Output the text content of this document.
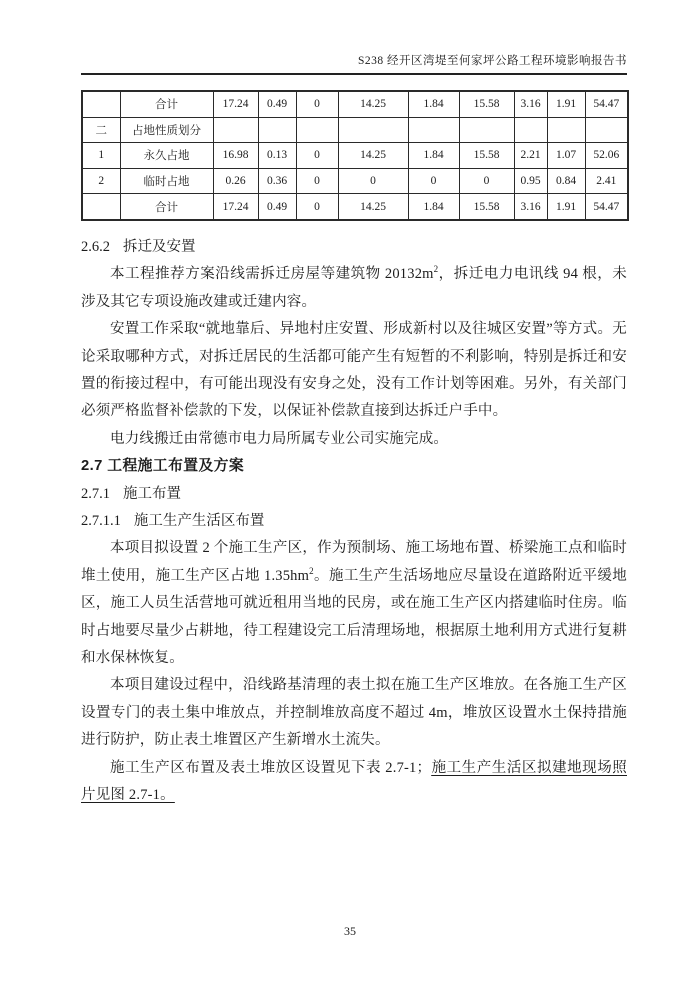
S238 经开区湾堤至何家坪公路工程环境影响报告书
	合计	17.24	0.49	0	14.25	1.84	15.58	3.16	1.91	54.47
二	占地性质划分									
1	永久占地	16.98	0.13	0	14.25	1.84	15.58	2.21	1.07	52.06
2	临时占地	0.26	0.36	0	0	0	0	0.95	0.84	2.41
	合计	17.24	0.49	0	14.25	1.84	15.58	3.16	1.91	54.47
2.6.2 拆迁及安置

本工程推荐方案沿线需拆迁房屋等建筑物 $20132m^2$，拆迁电力电讯线 94 根，未涉及其它专项设施改建或迁建内容。

安置工作采取“就地靠后、异地村庄安置、形成新村以及往城区安置”等方式。无论采取哪种方式，对拆迁居民的生活都可能产生有短暂的不利影响，特别是拆迁和安置的衔接过程中，有可能出现没有安身之处，没有工作计划等困难。另外，有关部门必须严格监督补偿款的下发，以保证补偿款直接到达拆迁户手中。

电力线搬迁由常德市电力局所属专业公司实施完成。

2.7 工程施工布置及方案
2.7.1 施工布置
2.7.1.1 施工生产生活区布置

本项目拟设置 2 个施工生产区，作为预制场、施工场地布置、桥梁施工点和临时堆土使用，施工生产区占地 $1.35hm^2$。施工生产生活场地应尽量设在道路附近平缓地区，施工人员生活营地可就近租用当地的民房，或在施工生产区内搭建临时住房。临时占地要尽量少占耕地，待工程建设完工后清理场地，根据原土地利用方式进行复耕和水保林恢复。

本项目建设过程中，沿线路基清理的表土拟在施工生产区堆放。在各施工生产区设置专门的表土集中堆放点，并控制堆放高度不超过 4m，堆放区设置水土保持措施进行防护，防止表土堆置区产生新增水土流失。

施工生产区布置及表土堆放区设置见下表 2.7-1；施工生产生活区拟建地现场照片见图 2.7-1。

35
